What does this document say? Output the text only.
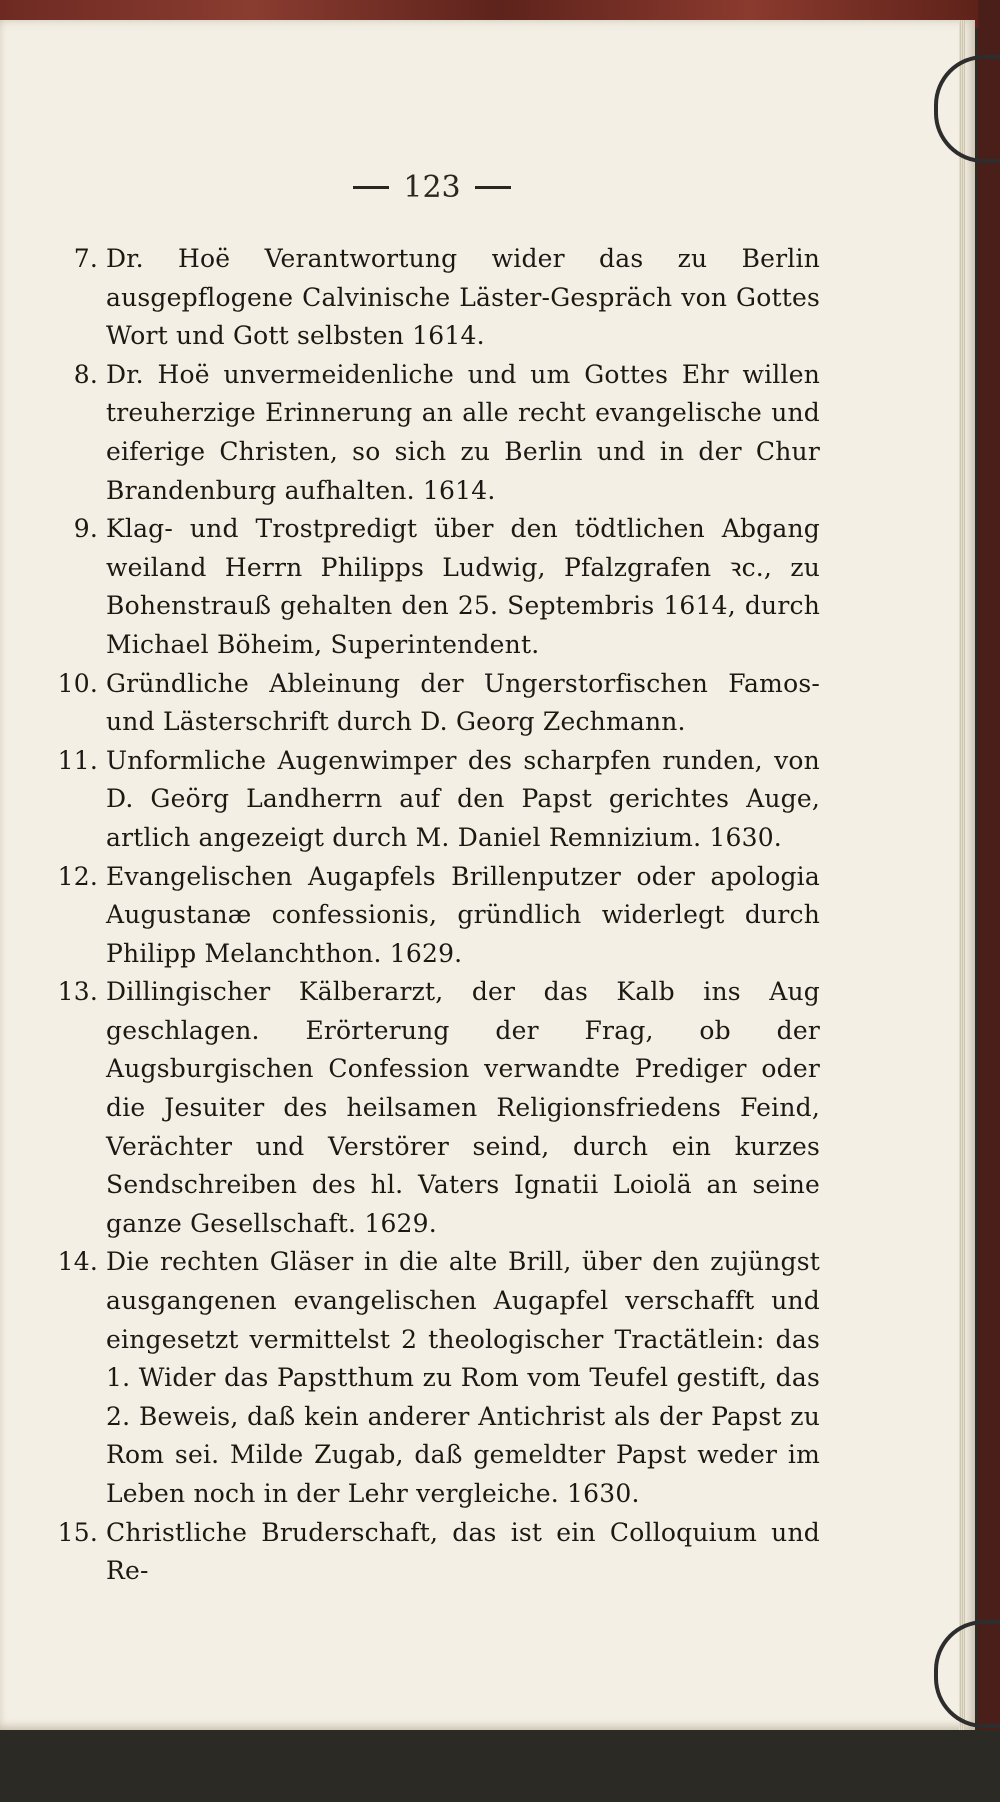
123
7. Dr. Hoë Verantwortung wider das zu Berlin ausgepflogene Calvinische Läster-Gespräch von Gottes Wort und Gott selbsten 1614.
8. Dr. Hoë unvermeidenliche und um Gottes Ehr willen treuherzige Erinnerung an alle recht evangelische und eiferige Christen, so sich zu Berlin und in der Chur Brandenburg aufhalten. 1614.
9. Klag- und Trostpredigt über den tödtlichen Abgang weiland Herrn Philipps Ludwig, Pfalzgrafen ꝛc., zu Bohenstrauß gehalten den 25. Septembris 1614, durch Michael Böheim, Superintendent.
10. Gründliche Ableinung der Ungerstorfischen Famos- und Lästerschrift durch D. Georg Zechmann.
11. Unformliche Augenwimper des scharpfen runden, von D. Geörg Landherrn auf den Papst gerichtes Auge, artlich angezeigt durch M. Daniel Remnizium. 1630.
12. Evangelischen Augapfels Brillenputzer oder apologia Augustanæ confessionis, gründlich widerlegt durch Philipp Melanchthon. 1629.
13. Dillingischer Kälberarzt, der das Kalb ins Aug geschlagen. Erörterung der Frag, ob der Augsburgischen Confession verwandte Prediger oder die Jesuiter des heilsamen Religionsfriedens Feind, Verächter und Verstörer seind, durch ein kurzes Sendschreiben des hl. Vaters Ignatii Loiolä an seine ganze Gesellschaft. 1629.
14. Die rechten Gläser in die alte Brill, über den zujüngst ausgangenen evangelischen Augapfel verschafft und eingesetzt vermittelst 2 theologischer Tractätlein: das 1. Wider das Papstthum zu Rom vom Teufel gestift, das 2. Beweis, daß kein anderer Antichrist als der Papst zu Rom sei. Milde Zugab, daß gemeldter Papst weder im Leben noch in der Lehr vergleiche. 1630.
15. Christliche Bruderschaft, das ist ein Colloquium und Re-
